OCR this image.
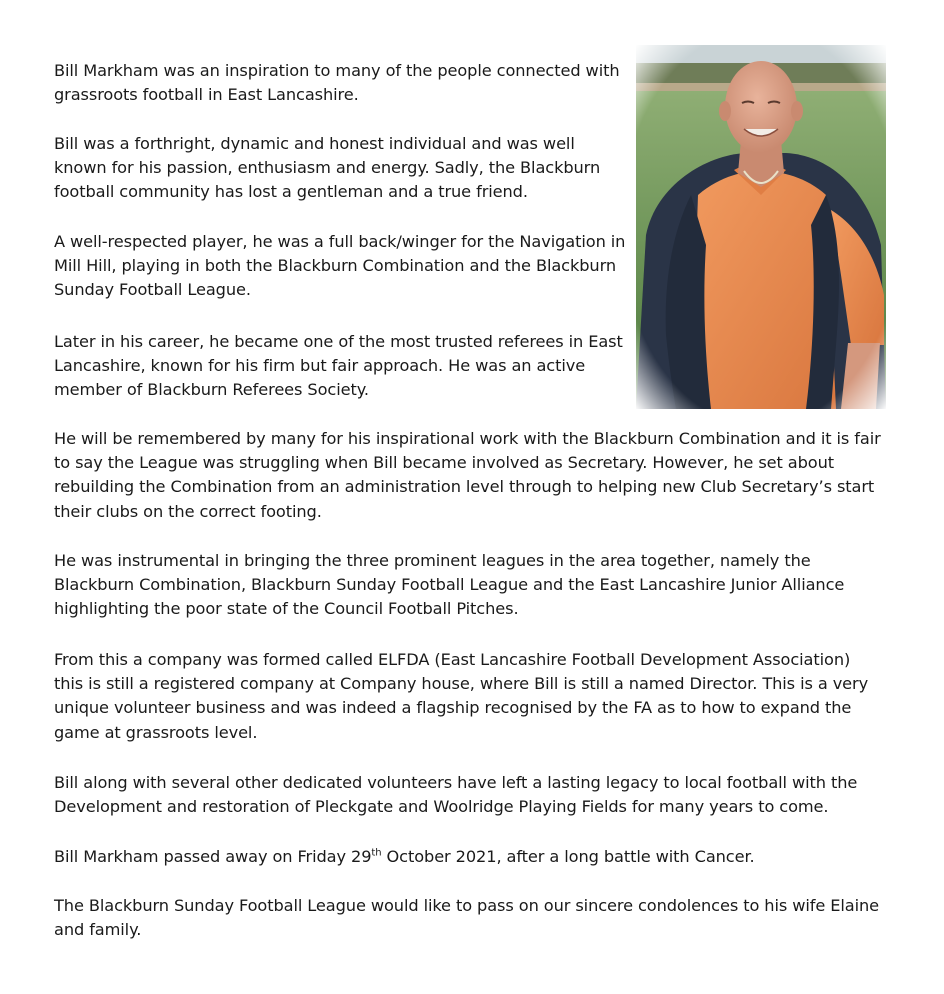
Bill Markham was an inspiration to many of the people connected with grassroots football in East Lancashire.

Bill was a forthright, dynamic and honest individual and was well known for his passion, enthusiasm and energy. Sadly, the Blackburn football community has lost a gentleman and a true friend.

A well-respected player, he was a full back/winger for the Navigation in Mill Hill, playing in both the Blackburn Combination and the Blackburn Sunday Football League.

Later in his career, he became one of the most trusted referees in East Lancashire, known for his firm but fair approach. He was an active member of Blackburn Referees Society.

He will be remembered by many for his inspirational work with the Blackburn Combination and it is fair to say the League was struggling when Bill became involved as Secretary. However, he set about rebuilding the Combination from an administration level through to helping new Club Secretary’s start their clubs on the correct footing.

He was instrumental in bringing the three prominent leagues in the area together, namely the Blackburn Combination, Blackburn Sunday Football League and the East Lancashire Junior Alliance highlighting the poor state of the Council Football Pitches.

From this a company was formed called ELFDA (East Lancashire Football Development Association) this is still a registered company at Company house, where Bill is still a named Director. This is a very unique volunteer business and was indeed a flagship recognised by the FA as to how to expand the game at grassroots level.

Bill along with several other dedicated volunteers have left a lasting legacy to local football with the Development and restoration of Pleckgate and Woolridge Playing Fields for many years to come.

Bill Markham passed away on Friday 29th October 2021, after a long battle with Cancer.

The Blackburn Sunday Football League would like to pass on our sincere condolences to his wife Elaine and family.
